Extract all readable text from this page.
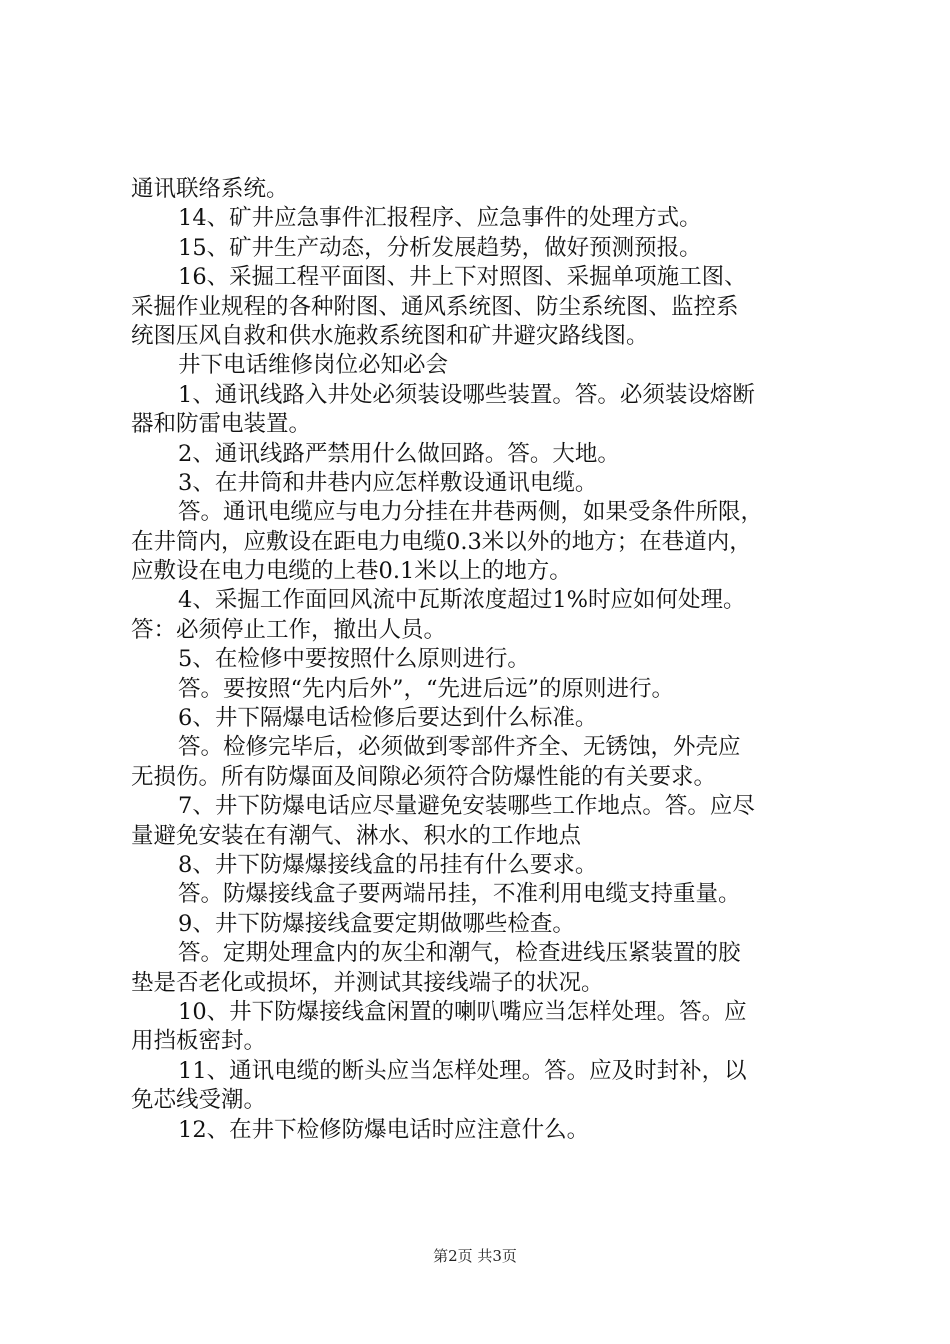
通讯联络系统。
14、矿井应急事件汇报程序、应急事件的处理方式。
15、矿井生产动态，分析发展趋势，做好预测预报。
16、采掘工程平面图、井上下对照图、采掘单项施工图、
采掘作业规程的各种附图、通风系统图、防尘系统图、监控系
统图压风自救和供水施救系统图和矿井避灾路线图。
井下电话维修岗位必知必会
1、通讯线路入井处必须装设哪些装置。答。必须装设熔断
器和防雷电装置。
2、通讯线路严禁用什么做回路。答。大地。
3、在井筒和井巷内应怎样敷设通讯电缆。
答。通讯电缆应与电力分挂在井巷两侧，如果受条件所限，
在井筒内，应敷设在距电力电缆0.3米以外的地方；在巷道内，
应敷设在电力电缆的上巷0.1米以上的地方。
4、采掘工作面回风流中瓦斯浓度超过1%时应如何处理。
答：必须停止工作，撤出人员。
5、在检修中要按照什么原则进行。
答。要按照“先内后外”，“先进后远”的原则进行。
6、井下隔爆电话检修后要达到什么标准。
答。检修完毕后，必须做到零部件齐全、无锈蚀，外壳应
无损伤。所有防爆面及间隙必须符合防爆性能的有关要求。
7、井下防爆电话应尽量避免安装哪些工作地点。答。应尽
量避免安装在有潮气、淋水、积水的工作地点
8、井下防爆爆接线盒的吊挂有什么要求。
答。防爆接线盒子要两端吊挂，不准利用电缆支持重量。
9、井下防爆接线盒要定期做哪些检查。
答。定期处理盒内的灰尘和潮气，检查进线压紧装置的胶
垫是否老化或损坏，并测试其接线端子的状况。
10、井下防爆接线盒闲置的喇叭嘴应当怎样处理。答。应
用挡板密封。
11、通讯电缆的断头应当怎样处理。答。应及时封补，以
免芯线受潮。
12、在井下检修防爆电话时应注意什么。
第2页 共3页
